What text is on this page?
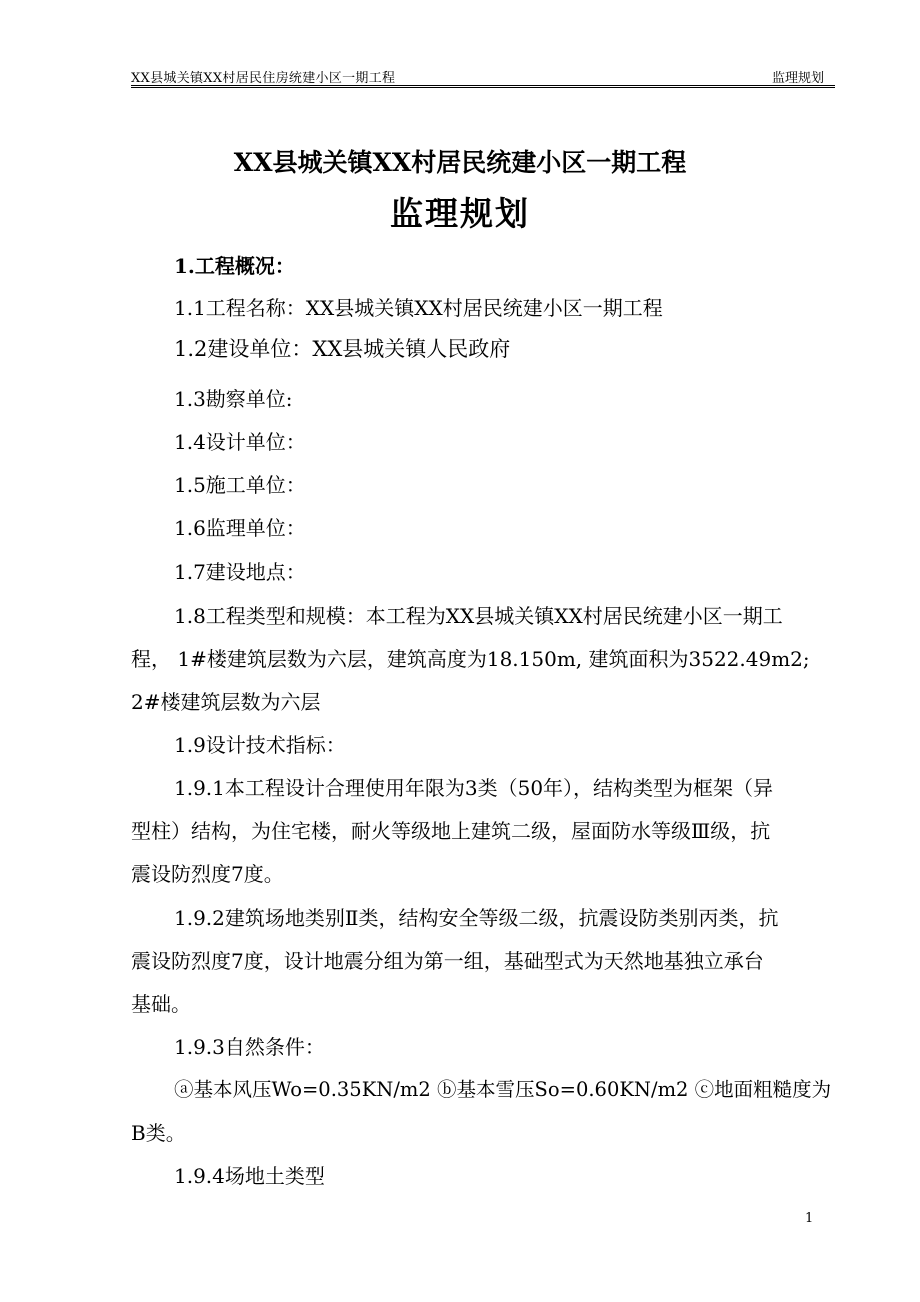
XX县城关镇XX村居民住房统建小区一期工程	监理规划
XX县城关镇XX村居民统建小区一期工程
监理规划
1.工程概况：
1.1工程名称：XX县城关镇XX村居民统建小区一期工程
1.2建设单位：XX县城关镇人民政府
1.3勘察单位:
1.4设计单位：
1.5施工单位：
1.6监理单位：
1.7建设地点：
1.8工程类型和规模：本工程为XX县城关镇XX村居民统建小区一期工
程， 1#楼建筑层数为六层，建筑高度为18.150m, 建筑面积为3522.49m2;
2#楼建筑层数为六层
1.9设计技术指标：
1.9.1本工程设计合理使用年限为3类（50年），结构类型为框架（异
型柱）结构，为住宅楼，耐火等级地上建筑二级，屋面防水等级Ⅲ级，抗
震设防烈度7度。
1.9.2建筑场地类别Ⅱ类，结构安全等级二级，抗震设防类别丙类，抗
震设防烈度7度，设计地震分组为第一组，基础型式为天然地基独立承台
基础。
1.9.3自然条件：
ⓐ基本风压Wo=0.35KN/m2 ⓑ基本雪压So=0.60KN/m2 ⓒ地面粗糙度为
B类。
1.9.4场地土类型
1
